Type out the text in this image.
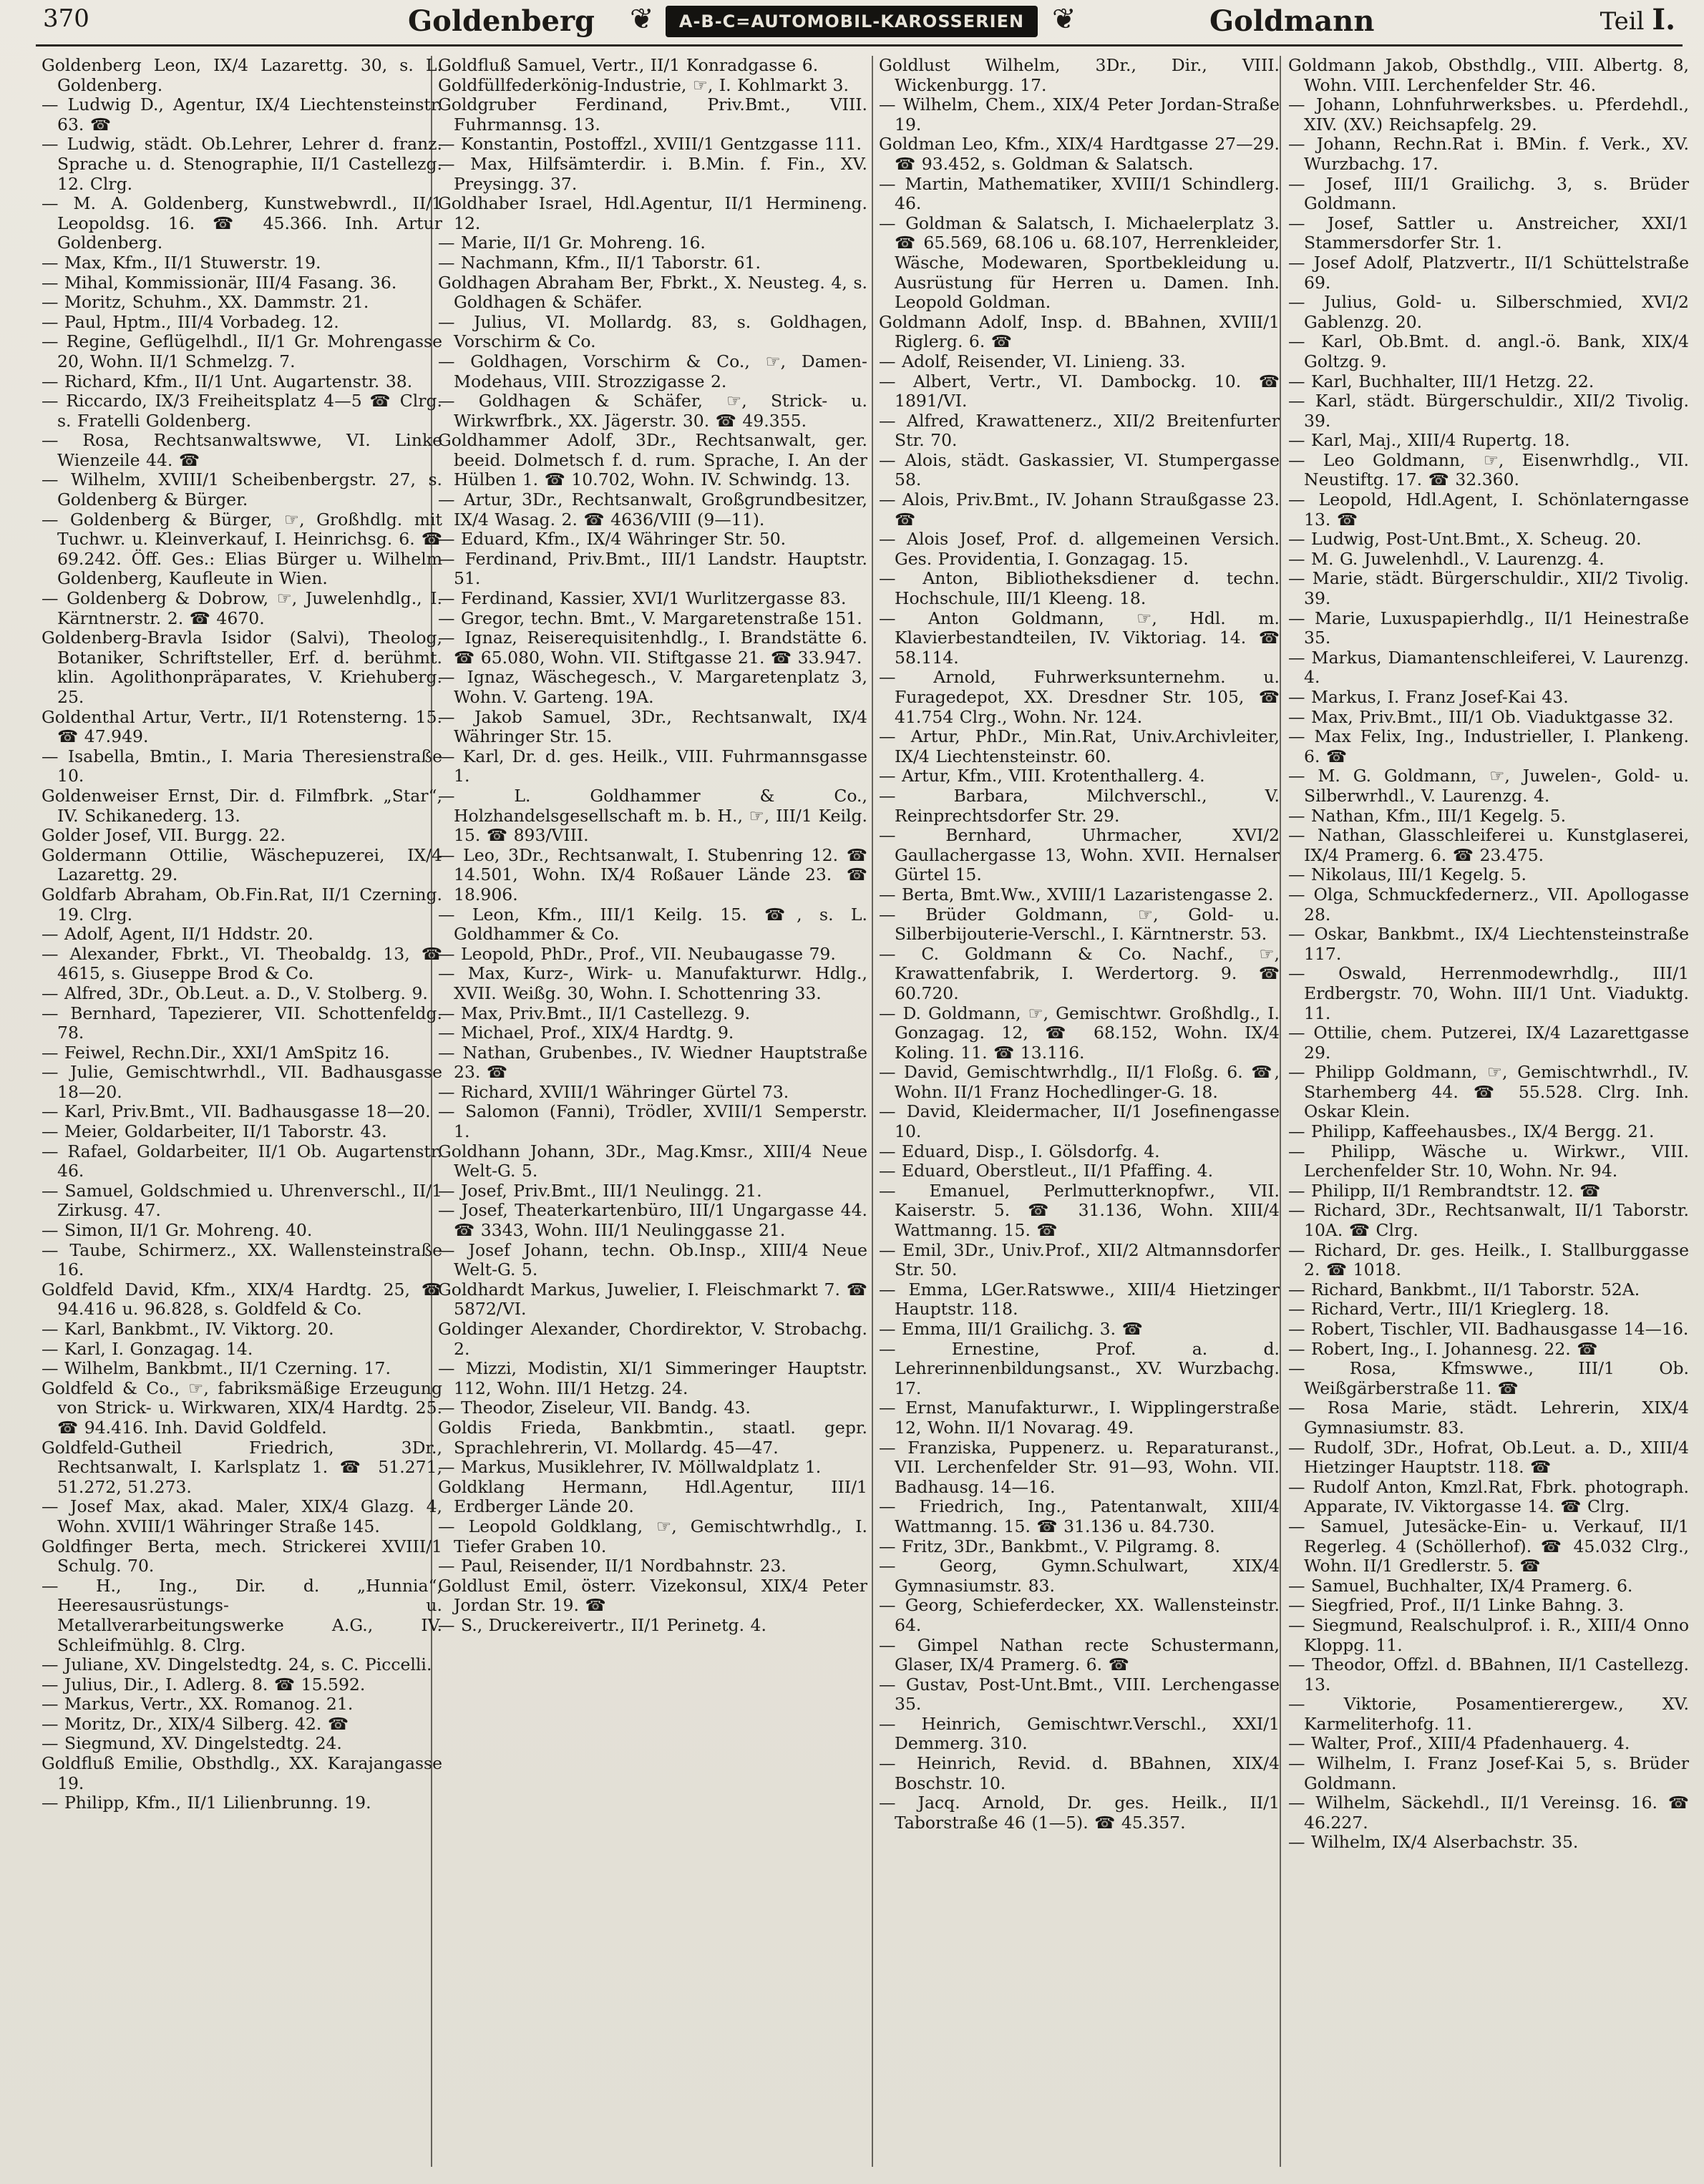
370	Goldenberg ❦	A-B-C=AUTOMOBIL-KAROSSERIEN ❦	Goldmann	Teil I.

Goldenberg Leon, IX/4 Lazarettg. 30, s. L. Goldenberg.

— Ludwig D., Agentur, IX/4 Liechtensteinstr. 63. ☎

— Ludwig, städt. Ob.Lehrer, Lehrer d. franz. Sprache u. d. Stenographie, II/1 Castellezg. 12. Clrg.

— M. A. Goldenberg, Kunstwebwrdl., II/1 Leopoldsg. 16. ☎ 45.366. Inh. Artur Goldenberg.

— Max, Kfm., II/1 Stuwerstr. 19.

— Mihal, Kommissionär, III/4 Fasang. 36.

— Moritz, Schuhm., XX. Dammstr. 21.

— Paul, Hptm., III/4 Vorbadeg. 12.

— Regine, Geflügelhdl., II/1 Gr. Mohrengasse 20, Wohn. II/1 Schmelzg. 7.

— Richard, Kfm., II/1 Unt. Augartenstr. 38.

— Riccardo, IX/3 Freiheitsplatz 4—5 ☎ Clrg. s. Fratelli Goldenberg.

— Rosa, Rechtsanwaltswwe, VI. Linke Wienzeile 44. ☎

— Wilhelm, XVIII/1 Scheibenbergstr. 27, s. Goldenberg & Bürger.

— Goldenberg & Bürger, ☞, Großhdlg. mit Tuchwr. u. Kleinverkauf, I. Heinrichsg. 6. ☎ 69.242. Öff. Ges.: Elias Bürger u. Wilhelm Goldenberg, Kaufleute in Wien.

— Goldenberg & Dobrow, ☞, Juwelenhdlg., I. Kärntnerstr. 2. ☎ 4670.

Goldenberg-Bravla Isidor (Salvi), Theolog, Botaniker, Schriftsteller, Erf. d. berühmt. klin. Agolithonpräparates, V. Kriehuberg. 25.

Goldenthal Artur, Vertr., II/1 Rotensterng. 15. ☎ 47.949.

— Isabella, Bmtin., I. Maria Theresienstraße 10.

Goldenweiser Ernst, Dir. d. Filmfbrk. „Star“, IV. Schikanederg. 13.

Golder Josef, VII. Burgg. 22.

Goldermann Ottilie, Wäschepuzerei, IX/4 Lazarettg. 29.

Goldfarb Abraham, Ob.Fin.Rat, II/1 Czerning. 19. Clrg.

— Adolf, Agent, II/1 Hddstr. 20.

— Alexander, Fbrkt., VI. Theobaldg. 13, ☎ 4615, s. Giuseppe Brod & Co.

— Alfred, 3Dr., Ob.Leut. a. D., V. Stolberg. 9.

— Bernhard, Tapezierer, VII. Schottenfeldg. 78.

— Feiwel, Rechn.Dir., XXI/1 AmSpitz 16.

— Julie, Gemischtwrhdl., VII. Badhausgasse 18—20.

— Karl, Priv.Bmt., VII. Badhausgasse 18—20.

— Meier, Goldarbeiter, II/1 Taborstr. 43.

— Rafael, Goldarbeiter, II/1 Ob. Augartenstr. 46.

— Samuel, Goldschmied u. Uhrenverschl., II/1 Zirkusg. 47.

— Simon, II/1 Gr. Mohreng. 40.

— Taube, Schirmerz., XX. Wallensteinstraße 16.

Goldfeld David, Kfm., XIX/4 Hardtg. 25, ☎ 94.416 u. 96.828, s. Goldfeld & Co.

— Karl, Bankbmt., IV. Viktorg. 20.

— Karl, I. Gonzagag. 14.

— Wilhelm, Bankbmt., II/1 Czerning. 17.

Goldfeld & Co., ☞, fabriksmäßige Erzeugung von Strick- u. Wirkwaren, XIX/4 Hardtg. 25. ☎ 94.416. Inh. David Goldfeld.

Goldfeld-Gutheil Friedrich, 3Dr., Rechtsanwalt, I. Karlsplatz 1. ☎ 51.271, 51.272, 51.273.

— Josef Max, akad. Maler, XIX/4 Glazg. 4, Wohn. XVIII/1 Währinger Straße 145.

Goldfinger Berta, mech. Strickerei XVIII/1 Schulg. 70.

— H., Ing., Dir. d. „Hunnia“, Heeresausrüstungs- u. Metallverarbeitungswerke A.G., IV. Schleifmühlg. 8. Clrg.

— Juliane, XV. Dingelstedtg. 24, s. C. Piccelli.

— Julius, Dir., I. Adlerg. 8. ☎ 15.592.

— Markus, Vertr., XX. Romanog. 21.

— Moritz, Dr., XIX/4 Silberg. 42. ☎

— Siegmund, XV. Dingelstedtg. 24.

Goldfluß Emilie, Obsthdlg., XX. Karajangasse 19.

— Philipp, Kfm., II/1 Lilienbrunng. 19.

Goldfluß Samuel, Vertr., II/1 Konradgasse 6.

Goldfüllfederkönig-Industrie, ☞, I. Kohlmarkt 3.

Goldgruber Ferdinand, Priv.Bmt., VIII. Fuhrmannsg. 13.

— Konstantin, Postoffzl., XVIII/1 Gentzgasse 111.

— Max, Hilfsämterdir. i. B.Min. f. Fin., XV. Preysingg. 37.

Goldhaber Israel, Hdl.Agentur, II/1 Hermineng. 12.

— Marie, II/1 Gr. Mohreng. 16.

— Nachmann, Kfm., II/1 Taborstr. 61.

Goldhagen Abraham Ber, Fbrkt., X. Neusteg. 4, s. Goldhagen & Schäfer.

— Julius, VI. Mollardg. 83, s. Goldhagen, Vorschirm & Co.

— Goldhagen, Vorschirm & Co., ☞, Damen-Modehaus, VIII. Strozzigasse 2.

— Goldhagen & Schäfer, ☞, Strick- u. Wirkwrfbrk., XX. Jägerstr. 30. ☎ 49.355.

Goldhammer Adolf, 3Dr., Rechtsanwalt, ger. beeid. Dolmetsch f. d. rum. Sprache, I. An der Hülben 1. ☎ 10.702, Wohn. IV. Schwindg. 13.

— Artur, 3Dr., Rechtsanwalt, Großgrundbesitzer, IX/4 Wasag. 2. ☎ 4636/VIII (9—11).

— Eduard, Kfm., IX/4 Währinger Str. 50.

— Ferdinand, Priv.Bmt., III/1 Landstr. Hauptstr. 51.

— Ferdinand, Kassier, XVI/1 Wurlitzergasse 83.

— Gregor, techn. Bmt., V. Margaretenstraße 151.

— Ignaz, Reiserequisitenhdlg., I. Brandstätte 6. ☎ 65.080, Wohn. VII. Stiftgasse 21. ☎ 33.947.

— Ignaz, Wäschegesch., V. Margaretenplatz 3, Wohn. V. Garteng. 19A.

— Jakob Samuel, 3Dr., Rechtsanwalt, IX/4 Währinger Str. 15.

— Karl, Dr. d. ges. Heilk., VIII. Fuhrmannsgasse 1.

— L. Goldhammer & Co., Holzhandelsgesellschaft m. b. H., ☞, III/1 Keilg. 15. ☎ 893/VIII.

— Leo, 3Dr., Rechtsanwalt, I. Stubenring 12. ☎ 14.501, Wohn. IX/4 Roßauer Lände 23. ☎ 18.906.

— Leon, Kfm., III/1 Keilg. 15. ☎, s. L. Goldhammer & Co.

— Leopold, PhDr., Prof., VII. Neubaugasse 79.

— Max, Kurz-, Wirk- u. Manufakturwr. Hdlg., XVII. Weißg. 30, Wohn. I. Schottenring 33.

— Max, Priv.Bmt., II/1 Castellezg. 9.

— Michael, Prof., XIX/4 Hardtg. 9.

— Nathan, Grubenbes., IV. Wiedner Hauptstraße 23. ☎

— Richard, XVIII/1 Währinger Gürtel 73.

— Salomon (Fanni), Trödler, XVIII/1 Semperstr. 1.

Goldhann Johann, 3Dr., Mag.Kmsr., XIII/4 Neue Welt-G. 5.

— Josef, Priv.Bmt., III/1 Neulingg. 21.

— Josef, Theaterkartenbüro, III/1 Ungargasse 44. ☎ 3343, Wohn. III/1 Neulinggasse 21.

— Josef Johann, techn. Ob.Insp., XIII/4 Neue Welt-G. 5.

Goldhardt Markus, Juwelier, I. Fleischmarkt 7. ☎ 5872/VI.

Goldinger Alexander, Chordirektor, V. Strobachg. 2.

— Mizzi, Modistin, XI/1 Simmeringer Hauptstr. 112, Wohn. III/1 Hetzg. 24.

— Theodor, Ziseleur, VII. Bandg. 43.

Goldis Frieda, Bankbmtin., staatl. gepr. Sprachlehrerin, VI. Mollardg. 45—47.

— Markus, Musiklehrer, IV. Möllwaldplatz 1.

Goldklang Hermann, Hdl.Agentur, III/1 Erdberger Lände 20.

— Leopold Goldklang, ☞, Gemischtwrhdlg., I. Tiefer Graben 10.

— Paul, Reisender, II/1 Nordbahnstr. 23.

Goldlust Emil, österr. Vizekonsul, XIX/4 Peter Jordan Str. 19. ☎

— S., Druckereivertr., II/1 Perinetg. 4.

Goldlust Wilhelm, 3Dr., Dir., VIII. Wickenburgg. 17.

— Wilhelm, Chem., XIX/4 Peter Jordan-Straße 19.

Goldman Leo, Kfm., XIX/4 Hardtgasse 27—29. ☎ 93.452, s. Goldman & Salatsch.

— Martin, Mathematiker, XVIII/1 Schindlerg. 46.

— Goldman & Salatsch, I. Michaelerplatz 3. ☎ 65.569, 68.106 u. 68.107, Herrenkleider, Wäsche, Modewaren, Sportbekleidung u. Ausrüstung für Herren u. Damen. Inh. Leopold Goldman.

Goldmann Adolf, Insp. d. BBahnen, XVIII/1 Riglerg. 6. ☎

— Adolf, Reisender, VI. Linieng. 33.

— Albert, Vertr., VI. Dambockg. 10. ☎ 1891/VI.

— Alfred, Krawattenerz., XII/2 Breitenfurter Str. 70.

— Alois, städt. Gaskassier, VI. Stumpergasse 58.

— Alois, Priv.Bmt., IV. Johann Straußgasse 23. ☎

— Alois Josef, Prof. d. allgemeinen Versich. Ges. Providentia, I. Gonzagag. 15.

— Anton, Bibliotheksdiener d. techn. Hochschule, III/1 Kleeng. 18.

— Anton Goldmann, ☞, Hdl. m. Klavierbestandteilen, IV. Viktoriag. 14. ☎ 58.114.

— Arnold, Fuhrwerksunternehm. u. Furagedepot, XX. Dresdner Str. 105, ☎ 41.754 Clrg., Wohn. Nr. 124.

— Artur, PhDr., Min.Rat, Univ.Archivleiter, IX/4 Liechtensteinstr. 60.

— Artur, Kfm., VIII. Krotenthallerg. 4.

— Barbara, Milchverschl., V. Reinprechtsdorfer Str. 29.

— Bernhard, Uhrmacher, XVI/2 Gaullachergasse 13, Wohn. XVII. Hernalser Gürtel 15.

— Berta, Bmt.Ww., XVIII/1 Lazaristengasse 2.

— Brüder Goldmann, ☞, Gold- u. Silberbijouterie-Verschl., I. Kärntnerstr. 53.

— C. Goldmann & Co. Nachf., ☞, Krawattenfabrik, I. Werdertorg. 9. ☎ 60.720.

— D. Goldmann, ☞, Gemischtwr. Großhdlg., I. Gonzagag. 12, ☎ 68.152, Wohn. IX/4 Koling. 11. ☎ 13.116.

— David, Gemischtwrhdlg., II/1 Floßg. 6. ☎, Wohn. II/1 Franz Hochedlinger-G. 18.

— David, Kleidermacher, II/1 Josefinengasse 10.

— Eduard, Disp., I. Gölsdorfg. 4.

— Eduard, Oberstleut., II/1 Pfaffing. 4.

— Emanuel, Perlmutterknopfwr., VII. Kaiserstr. 5. ☎ 31.136, Wohn. XIII/4 Wattmanng. 15. ☎

— Emil, 3Dr., Univ.Prof., XII/2 Altmannsdorfer Str. 50.

— Emma, LGer.Ratswwe., XIII/4 Hietzinger Hauptstr. 118.

— Emma, III/1 Grailichg. 3. ☎

— Ernestine, Prof. a. d. Lehrerinnenbildungsanst., XV. Wurzbachg. 17.

— Ernst, Manufakturwr., I. Wipplingerstraße 12, Wohn. II/1 Novarag. 49.

— Franziska, Puppenerz. u. Reparaturanst., VII. Lerchenfelder Str. 91—93, Wohn. VII. Badhausg. 14—16.

— Friedrich, Ing., Patentanwalt, XIII/4 Wattmanng. 15. ☎ 31.136 u. 84.730.

— Fritz, 3Dr., Bankbmt., V. Pilgramg. 8.

— Georg, Gymn.Schulwart, XIX/4 Gymnasiumstr. 83.

— Georg, Schieferdecker, XX. Wallensteinstr. 64.

— Gimpel Nathan recte Schustermann, Glaser, IX/4 Pramerg. 6. ☎

— Gustav, Post-Unt.Bmt., VIII. Lerchengasse 35.

— Heinrich, Gemischtwr.Verschl., XXI/1 Demmerg. 310.

— Heinrich, Revid. d. BBahnen, XIX/4 Boschstr. 10.

— Jacq. Arnold, Dr. ges. Heilk., II/1 Taborstraße 46 (1—5). ☎ 45.357.

Goldmann Jakob, Obsthdlg., VIII. Albertg. 8, Wohn. VIII. Lerchenfelder Str. 46.

— Johann, Lohnfuhrwerksbes. u. Pferdehdl., XIV. (XV.) Reichsapfelg. 29.

— Johann, Rechn.Rat i. BMin. f. Verk., XV. Wurzbachg. 17.

— Josef, III/1 Grailichg. 3, s. Brüder Goldmann.

— Josef, Sattler u. Anstreicher, XXI/1 Stammersdorfer Str. 1.

— Josef Adolf, Platzvertr., II/1 Schüttelstraße 69.

— Julius, Gold- u. Silberschmied, XVI/2 Gablenzg. 20.

— Karl, Ob.Bmt. d. angl.-ö. Bank, XIX/4 Goltzg. 9.

— Karl, Buchhalter, III/1 Hetzg. 22.

— Karl, städt. Bürgerschuldir., XII/2 Tivolig. 39.

— Karl, Maj., XIII/4 Rupertg. 18.

— Leo Goldmann, ☞, Eisenwrhdlg., VII. Neustiftg. 17. ☎ 32.360.

— Leopold, Hdl.Agent, I. Schönlaterngasse 13. ☎

— Ludwig, Post-Unt.Bmt., X. Scheug. 20.

— M. G. Juwelenhdl., V. Laurenzg. 4.

— Marie, städt. Bürgerschuldir., XII/2 Tivolig. 39.

— Marie, Luxuspapierhdlg., II/1 Heinestraße 35.

— Markus, Diamantenschleiferei, V. Laurenzg. 4.

— Markus, I. Franz Josef-Kai 43.

— Max, Priv.Bmt., III/1 Ob. Viaduktgasse 32.

— Max Felix, Ing., Industrieller, I. Plankeng. 6. ☎

— M. G. Goldmann, ☞, Juwelen-, Gold- u. Silberwrhdl., V. Laurenzg. 4.

— Nathan, Kfm., III/1 Kegelg. 5.

— Nathan, Glasschleiferei u. Kunstglaserei, IX/4 Pramerg. 6. ☎ 23.475.

— Nikolaus, III/1 Kegelg. 5.

— Olga, Schmuckfedernerz., VII. Apollogasse 28.

— Oskar, Bankbmt., IX/4 Liechtensteinstraße 117.

— Oswald, Herrenmodewrhdlg., III/1 Erdbergstr. 70, Wohn. III/1 Unt. Viaduktg. 11.

— Ottilie, chem. Putzerei, IX/4 Lazarettgasse 29.

— Philipp Goldmann, ☞, Gemischtwrhdl., IV. Starhemberg 44. ☎ 55.528. Clrg. Inh. Oskar Klein.

— Philipp, Kaffeehausbes., IX/4 Bergg. 21.

— Philipp, Wäsche u. Wirkwr., VIII. Lerchenfelder Str. 10, Wohn. Nr. 94.

— Philipp, II/1 Rembrandtstr. 12. ☎

— Richard, 3Dr., Rechtsanwalt, II/1 Taborstr. 10A. ☎ Clrg.

— Richard, Dr. ges. Heilk., I. Stallburggasse 2. ☎ 1018.

— Richard, Bankbmt., II/1 Taborstr. 52A.

— Richard, Vertr., III/1 Krieglerg. 18.

— Robert, Tischler, VII. Badhausgasse 14—16.

— Robert, Ing., I. Johannesg. 22. ☎

— Rosa, Kfmswwe., III/1 Ob. Weißgärberstraße 11. ☎

— Rosa Marie, städt. Lehrerin, XIX/4 Gymnasiumstr. 83.

— Rudolf, 3Dr., Hofrat, Ob.Leut. a. D., XIII/4 Hietzinger Hauptstr. 118. ☎

— Rudolf Anton, Kmzl.Rat, Fbrk. photograph. Apparate, IV. Viktorgasse 14. ☎ Clrg.

— Samuel, Jutesäcke-Ein- u. Verkauf, II/1 Regerleg. 4 (Schöllerhof). ☎ 45.032 Clrg., Wohn. II/1 Gredlerstr. 5. ☎

— Samuel, Buchhalter, IX/4 Pramerg. 6.

— Siegfried, Prof., II/1 Linke Bahng. 3.

— Siegmund, Realschulprof. i. R., XIII/4 Onno Kloppg. 11.

— Theodor, Offzl. d. BBahnen, II/1 Castellezg. 13.

— Viktorie, Posamentierergew., XV. Karmeliterhofg. 11.

— Walter, Prof., XIII/4 Pfadenhauerg. 4.

— Wilhelm, I. Franz Josef-Kai 5, s. Brüder Goldmann.

— Wilhelm, Säckehdl., II/1 Vereinsg. 16. ☎ 46.227.

— Wilhelm, IX/4 Alserbachstr. 35.
